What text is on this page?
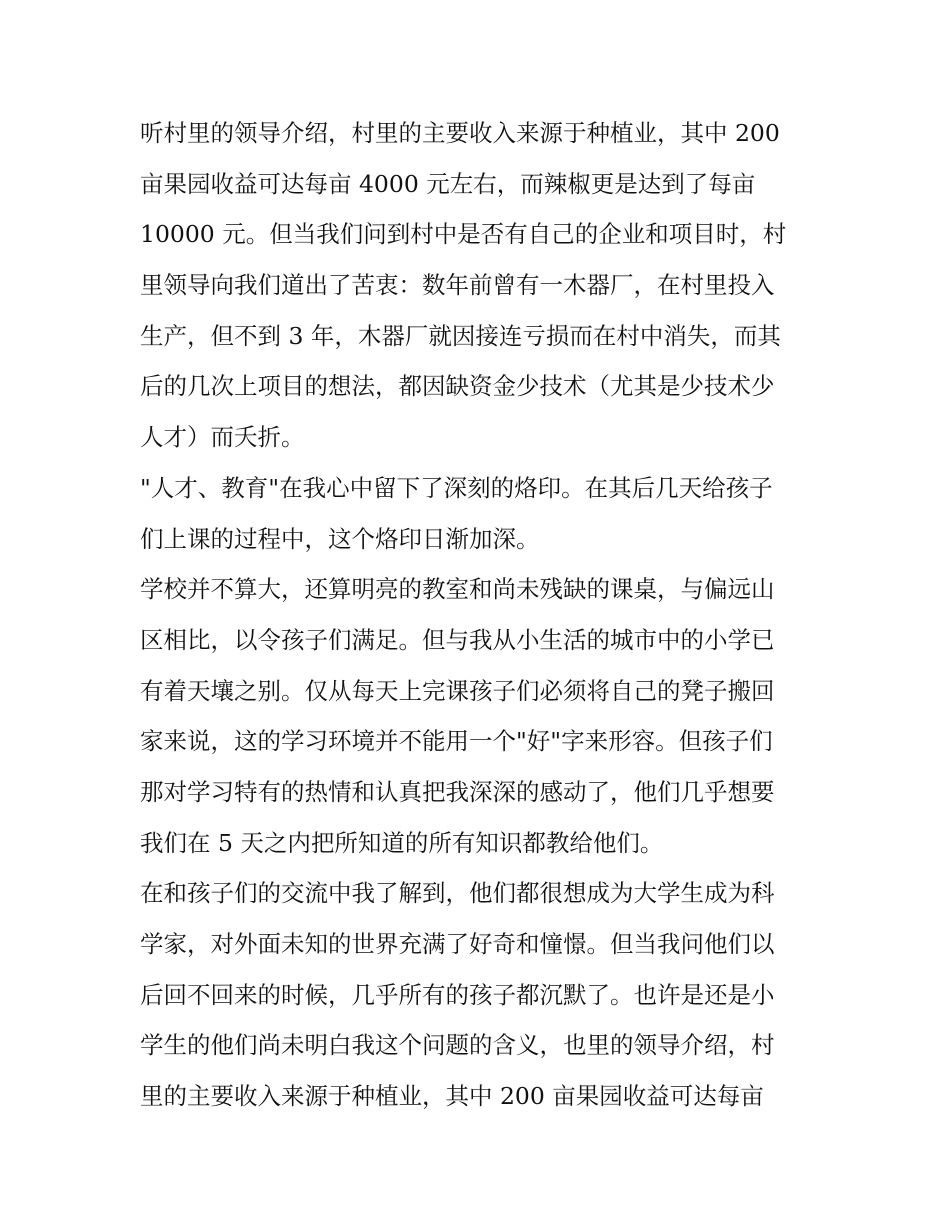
听村里的领导介绍，村里的主要收入来源于种植业，其中 200
亩果园收益可达每亩 4000 元左右，而辣椒更是达到了每亩
10000 元。但当我们问到村中是否有自己的企业和项目时，村
里领导向我们道出了苦衷：数年前曾有一木器厂，在村里投入
生产，但不到 3 年，木器厂就因接连亏损而在村中消失，而其
后的几次上项目的想法，都因缺资金少技术（尤其是少技术少
人才）而夭折。

"人才、教育"在我心中留下了深刻的烙印。在其后几天给孩子
们上课的过程中，这个烙印日渐加深。

学校并不算大，还算明亮的教室和尚未残缺的课桌，与偏远山
区相比，以令孩子们满足。但与我从小生活的城市中的小学已
有着天壤之别。仅从每天上完课孩子们必须将自己的凳子搬回
家来说，这的学习环境并不能用一个"好"字来形容。但孩子们
那对学习特有的热情和认真把我深深的感动了，他们几乎想要
我们在 5 天之内把所知道的所有知识都教给他们。

在和孩子们的交流中我了解到，他们都很想成为大学生成为科
学家，对外面未知的世界充满了好奇和憧憬。但当我问他们以
后回不回来的时候，几乎所有的孩子都沉默了。也许是还是小
学生的他们尚未明白我这个问题的含义，也里的领导介绍，村
里的主要收入来源于种植业，其中 200 亩果园收益可达每亩
